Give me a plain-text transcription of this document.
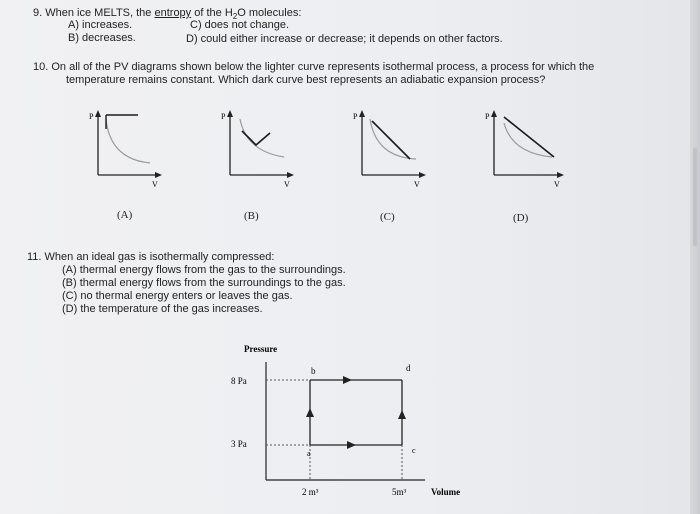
9. When ice MELTS, the entropy of the $H_2O$ molecules:
A) increases.	C) does not change.
B) decreases.	D) could either increase or decrease; it depends on other factors.
10. On all of the PV diagrams shown below the lighter curve represents isothermal process, a process for which the
temperature remains constant. Which dark curve best represents an adiabatic expansion process?
P
V
P
V
P
V
P
V
(A)	(B)	(C)	(D)
11. When an ideal gas is isothermally compressed:
(A) thermal energy flows from the gas to the surroundings.
(B) thermal energy flows from the surroundings to the gas.
(C) no thermal energy enters or leaves the gas.
(D) the temperature of the gas increases.
Pressure
8 Pa
3 Pa
a
b
c
d
2 m³	5m³	Volume
